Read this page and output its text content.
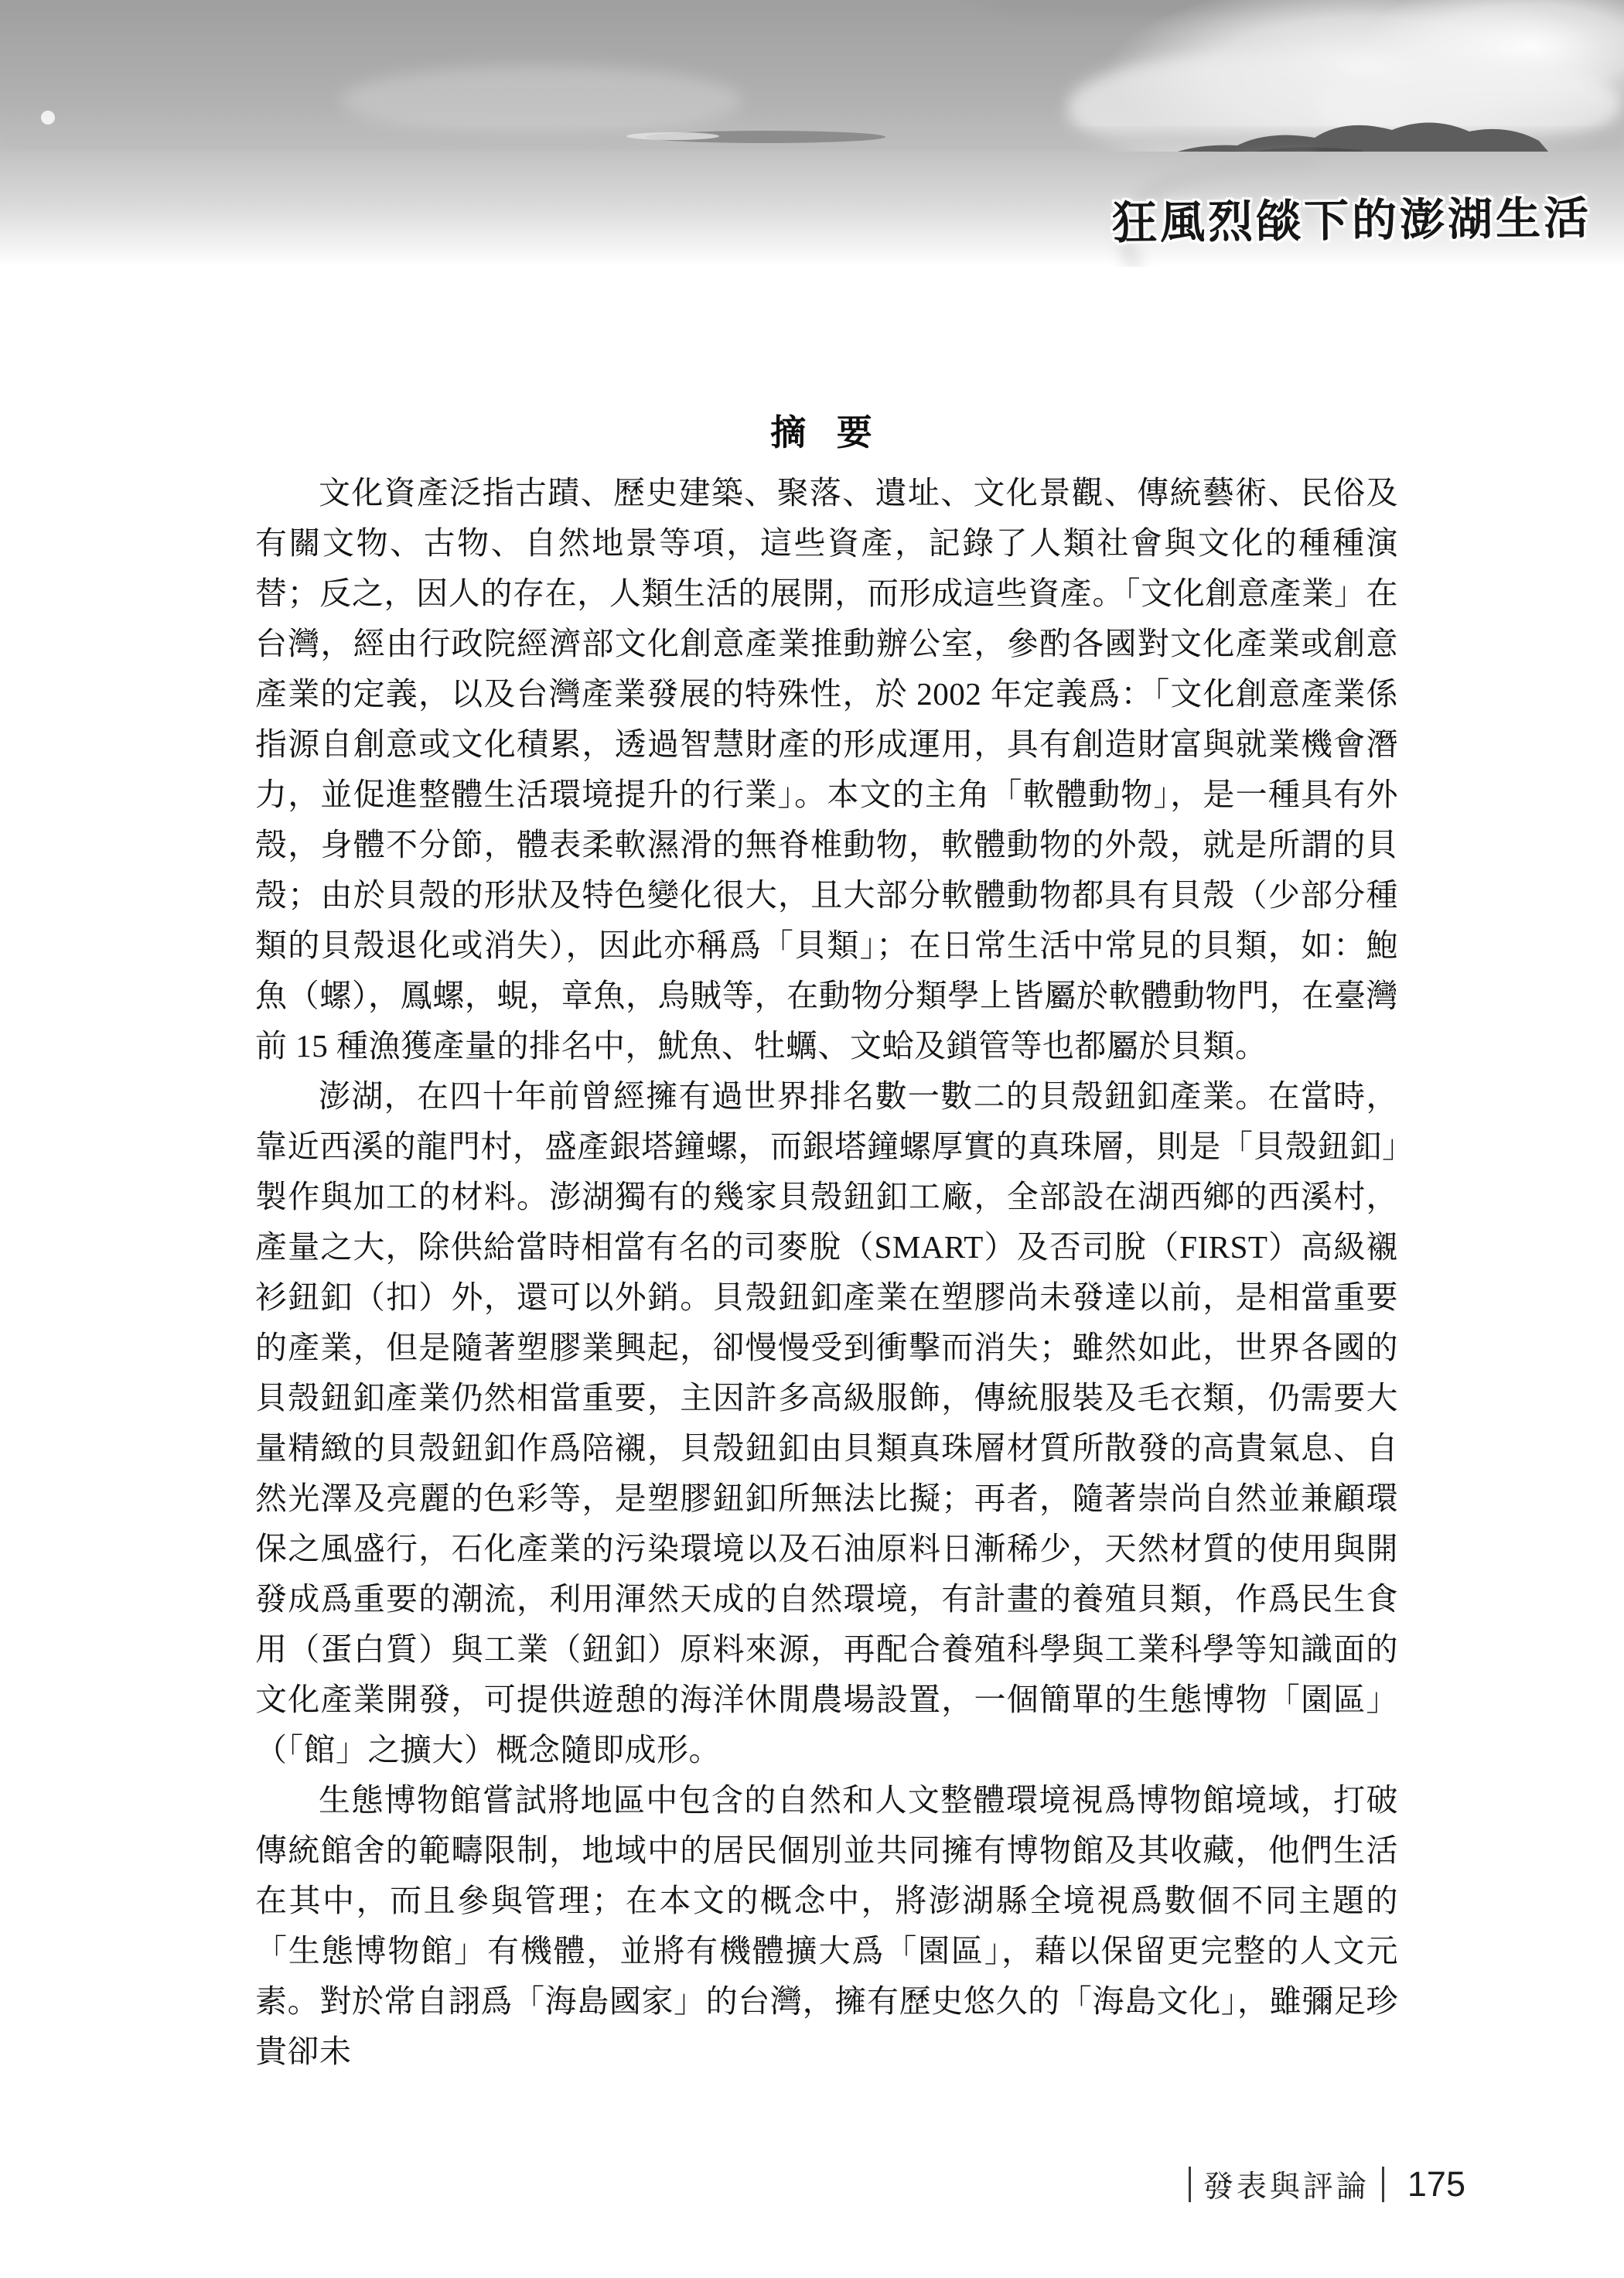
狂風烈燄下的澎湖生活
摘 要

文化資產泛指古蹟、歷史建築、聚落、遺址、文化景觀、傳統藝術、民俗及有關文物、古物、自然地景等項，這些資產，記錄了人類社會與文化的種種演替；反之，因人的存在，人類生活的展開，而形成這些資產。「文化創意產業」在台灣，經由行政院經濟部文化創意產業推動辦公室，參酌各國對文化產業或創意產業的定義，以及台灣產業發展的特殊性，於 2002 年定義爲：「文化創意產業係指源自創意或文化積累，透過智慧財產的形成運用，具有創造財富與就業機會潛力，並促進整體生活環境提升的行業」。本文的主角「軟體動物」，是一種具有外殼，身體不分節，體表柔軟濕滑的無脊椎動物，軟體動物的外殼，就是所謂的貝殼；由於貝殼的形狀及特色變化很大，且大部分軟體動物都具有貝殼（少部分種類的貝殼退化或消失），因此亦稱爲「貝類」；在日常生活中常見的貝類，如：鮑魚（螺），鳳螺，蜆，章魚，烏賊等，在動物分類學上皆屬於軟體動物門，在臺灣前 15 種漁獲產量的排名中，魷魚、牡蠣、文蛤及鎖管等也都屬於貝類。

澎湖，在四十年前曾經擁有過世界排名數一數二的貝殼鈕釦產業。在當時，靠近西溪的龍門村，盛產銀塔鐘螺，而銀塔鐘螺厚實的真珠層，則是「貝殼鈕釦」製作與加工的材料。澎湖獨有的幾家貝殼鈕釦工廠，全部設在湖西鄉的西溪村，產量之大，除供給當時相當有名的司麥脫（SMART）及否司脫（FIRST）高級襯衫鈕釦（扣）外，還可以外銷。貝殼鈕釦產業在塑膠尚未發達以前，是相當重要的產業，但是隨著塑膠業興起，卻慢慢受到衝擊而消失；雖然如此，世界各國的貝殼鈕釦產業仍然相當重要，主因許多高級服飾，傳統服裝及毛衣類，仍需要大量精緻的貝殼鈕釦作爲陪襯，貝殼鈕釦由貝類真珠層材質所散發的高貴氣息、自然光澤及亮麗的色彩等，是塑膠鈕釦所無法比擬；再者，隨著崇尚自然並兼顧環保之風盛行，石化產業的污染環境以及石油原料日漸稀少，天然材質的使用與開發成爲重要的潮流，利用渾然天成的自然環境，有計畫的養殖貝類，作爲民生食用（蛋白質）與工業（鈕釦）原料來源，再配合養殖科學與工業科學等知識面的文化產業開發，可提供遊憩的海洋休閒農場設置，一個簡單的生態博物「園區」（「館」之擴大）概念隨即成形。

生態博物館嘗試將地區中包含的自然和人文整體環境視爲博物館境域，打破傳統館舍的範疇限制，地域中的居民個別並共同擁有博物館及其收藏，他們生活在其中，而且參與管理；在本文的概念中，將澎湖縣全境視爲數個不同主題的「生態博物館」有機體，並將有機體擴大爲「園區」，藉以保留更完整的人文元素。對於常自詡爲「海島國家」的台灣，擁有歷史悠久的「海島文化」，雖彌足珍貴卻未

發表與評論 175
